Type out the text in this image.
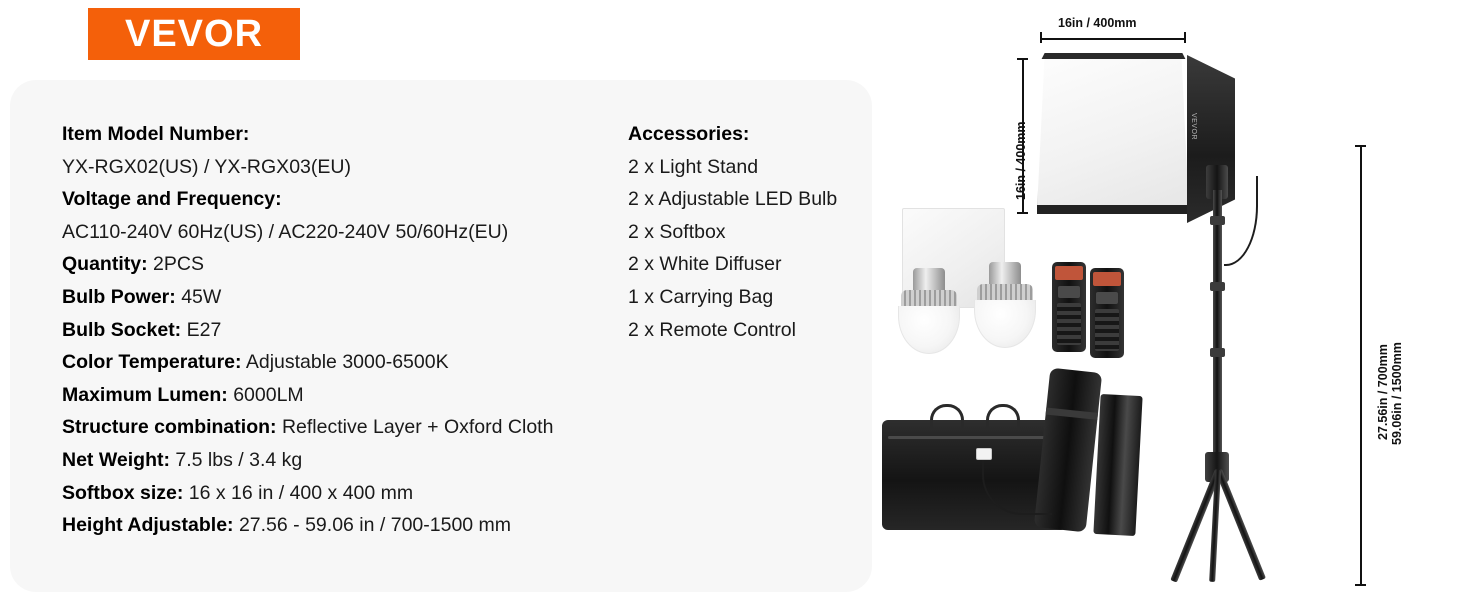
VEVOR
Item Model Number:
YX-RGX02(US) / YX-RGX03(EU)
Voltage and Frequency:
AC110-240V 60Hz(US) / AC220-240V 50/60Hz(EU)
Quantity: 2PCS
Bulb Power: 45W
Bulb Socket: E27
Color Temperature: Adjustable 3000-6500K
Maximum Lumen: 6000LM
Structure combination: Reflective Layer + Oxford Cloth
Net Weight: 7.5 lbs / 3.4 kg
Softbox size: 16 x 16 in / 400 x 400 mm
Height Adjustable: 27.56 - 59.06 in / 700-1500 mm
Accessories:
2 x Light Stand
2 x Adjustable LED Bulb
2 x Softbox
2 x White Diffuser
1 x Carrying Bag
2 x Remote Control
16in / 400mm
16in / 400mm
27.56in / 700mm 59.06in / 1500mm
VEVOR
